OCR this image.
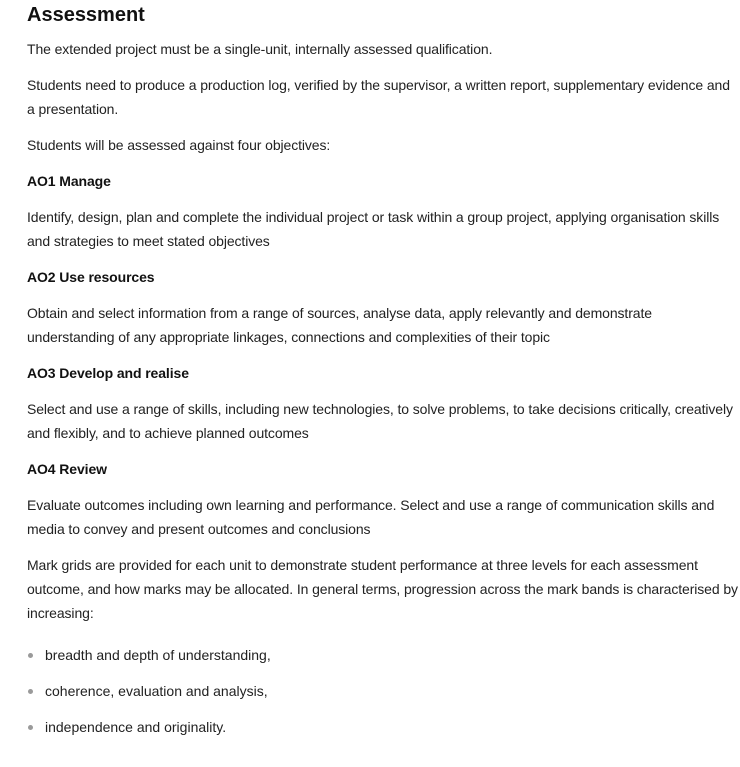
Assessment

The extended project must be a single-unit, internally assessed qualification.

Students need to produce a production log, verified by the supervisor, a written report, supplementary evidence and a presentation.

Students will be assessed against four objectives:

AO1 Manage

Identify, design, plan and complete the individual project or task within a group project, applying organisation skills and strategies to meet stated objectives

AO2 Use resources

Obtain and select information from a range of sources, analyse data, apply relevantly and demonstrate understanding of any appropriate linkages, connections and complexities of their topic

AO3 Develop and realise

Select and use a range of skills, including new technologies, to solve problems, to take decisions critically, creatively and flexibly, and to achieve planned outcomes

AO4 Review

Evaluate outcomes including own learning and performance. Select and use a range of communication skills and media to convey and present outcomes and conclusions

Mark grids are provided for each unit to demonstrate student performance at three levels for each assessment outcome, and how marks may be allocated. In general terms, progression across the mark bands is characterised by increasing:

breadth and depth of understanding,
coherence, evaluation and analysis,
independence and originality.
